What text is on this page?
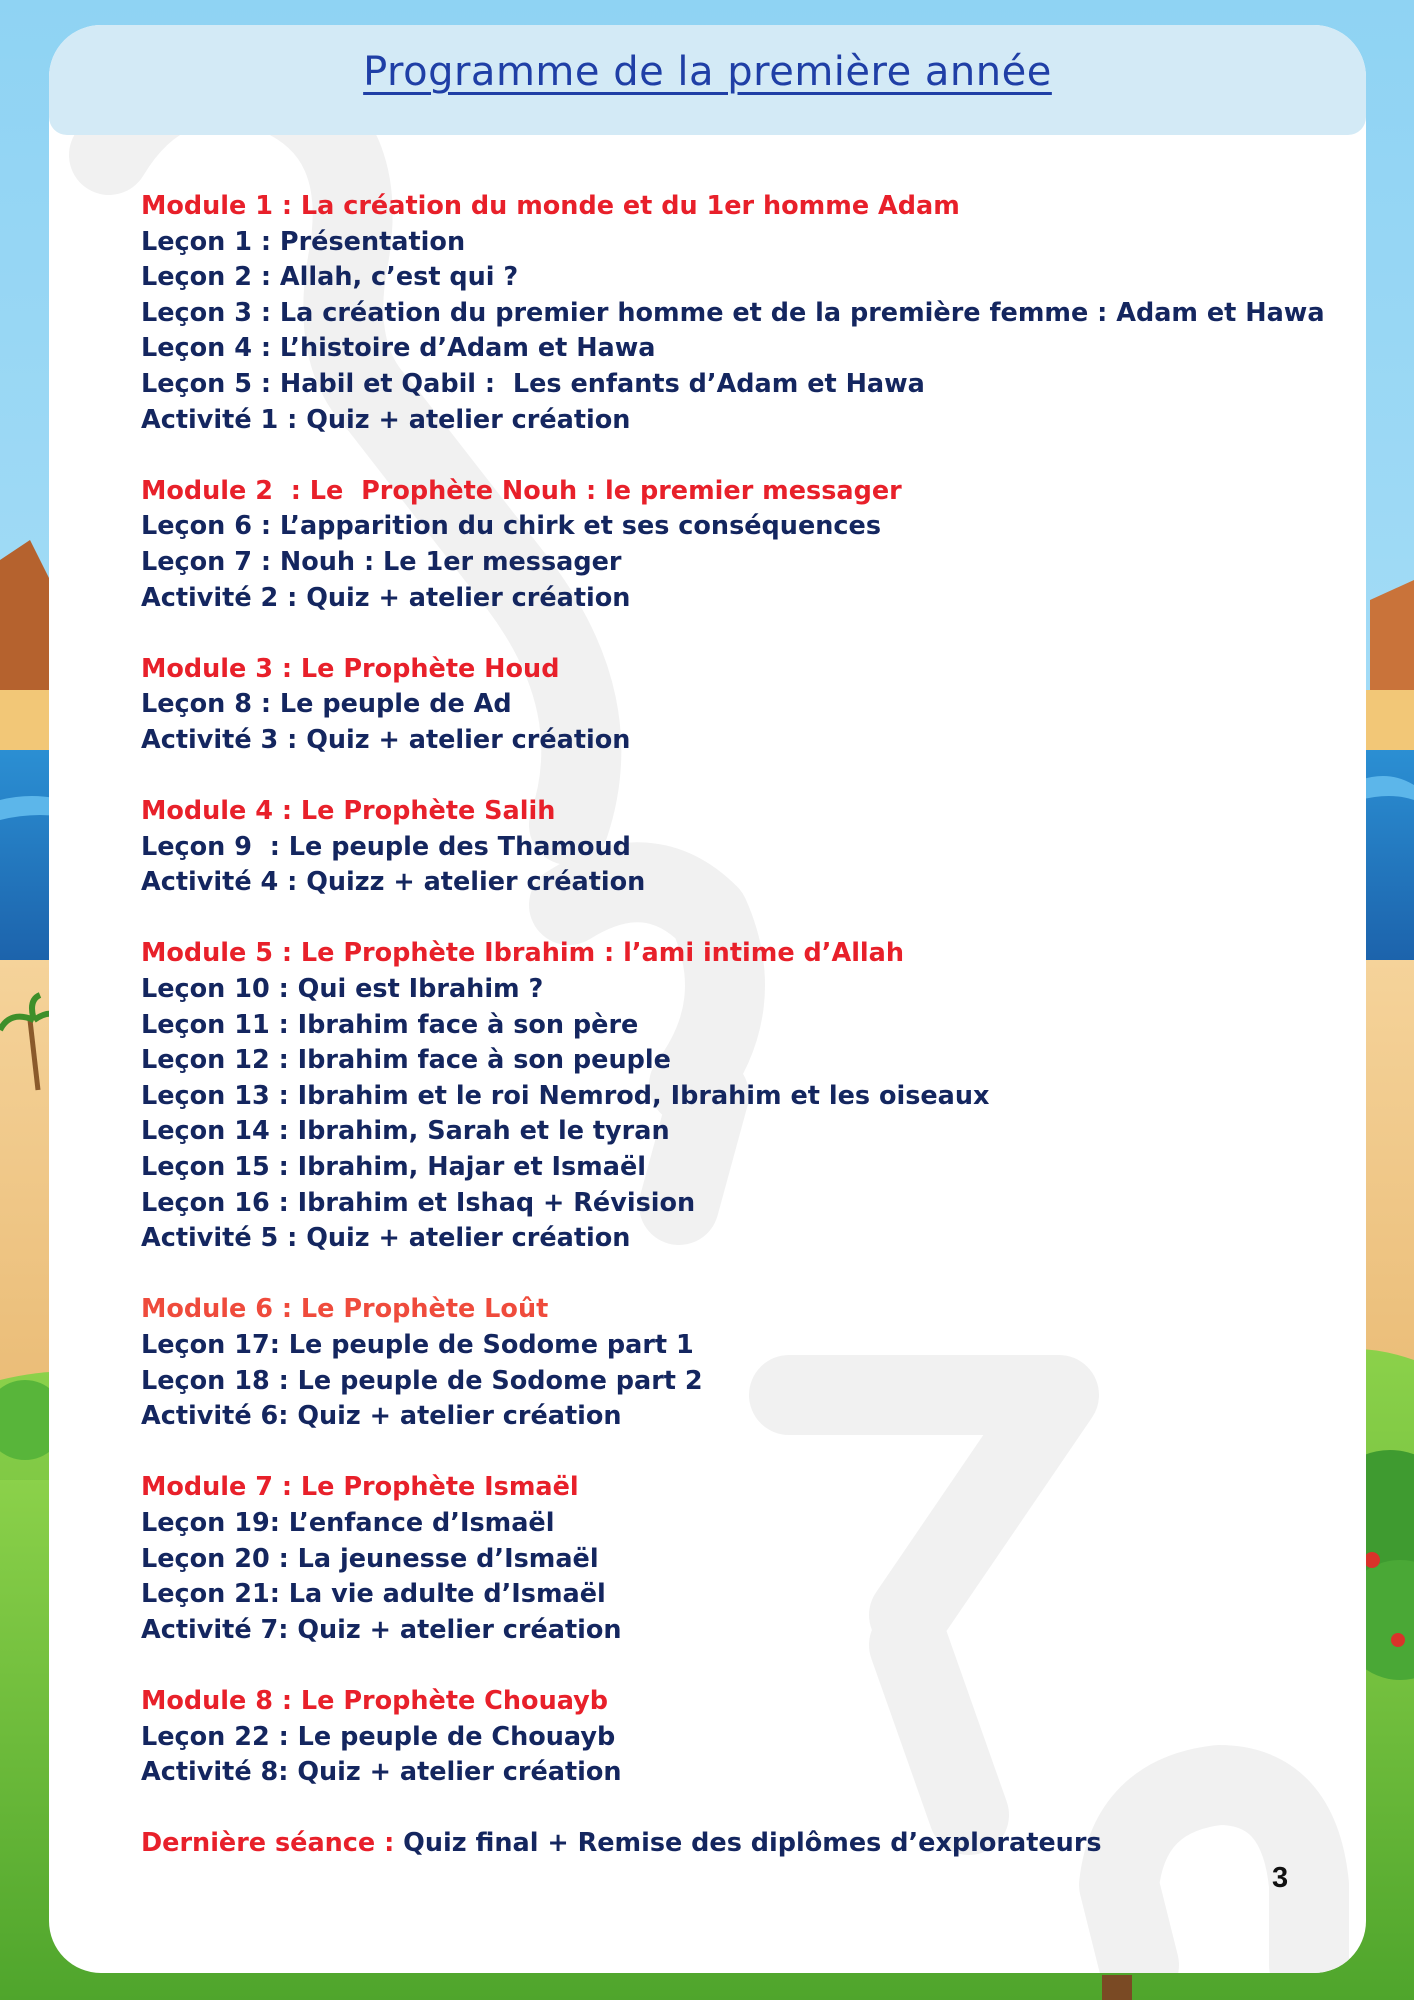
Programme de la première année
Module 1 : La création du monde et du 1er homme Adam
Leçon 1 : Présentation
Leçon 2 : Allah, c’est qui ?
Leçon 3 : La création du premier homme et de la première femme : Adam et Hawa
Leçon 4 : L’histoire d’Adam et Hawa
Leçon 5 : Habil et Qabil :  Les enfants d’Adam et Hawa
Activité 1 : Quiz + atelier création
Module 2  : Le  Prophète Nouh : le premier messager
Leçon 6 : L’apparition du chirk et ses conséquences
Leçon 7 : Nouh : Le 1er messager
Activité 2 : Quiz + atelier création
Module 3 : Le Prophète Houd
Leçon 8 : Le peuple de Ad
Activité 3 : Quiz + atelier création
Module 4 : Le Prophète Salih
Leçon 9  : Le peuple des Thamoud
Activité 4 : Quizz + atelier création
Module 5 : Le Prophète Ibrahim : l’ami intime d’Allah
Leçon 10 : Qui est Ibrahim ?
Leçon 11 : Ibrahim face à son père
Leçon 12 : Ibrahim face à son peuple
Leçon 13 : Ibrahim et le roi Nemrod, Ibrahim et les oiseaux
Leçon 14 : Ibrahim, Sarah et le tyran
Leçon 15 : Ibrahim, Hajar et Ismaël
Leçon 16 : Ibrahim et Ishaq + Révision
Activité 5 : Quiz + atelier création
Module 6 : Le Prophète Loût
Leçon 17: Le peuple de Sodome part 1
Leçon 18 : Le peuple de Sodome part 2
Activité 6: Quiz + atelier création
Module 7 : Le Prophète Ismaël
Leçon 19: L’enfance d’Ismaël
Leçon 20 : La jeunesse d’Ismaël
Leçon 21: La vie adulte d’Ismaël
Activité 7: Quiz + atelier création
Module 8 : Le Prophète Chouayb
Leçon 22 : Le peuple de Chouayb
Activité 8: Quiz + atelier création
Dernière séance : Quiz final + Remise des diplômes d’explorateurs
3
